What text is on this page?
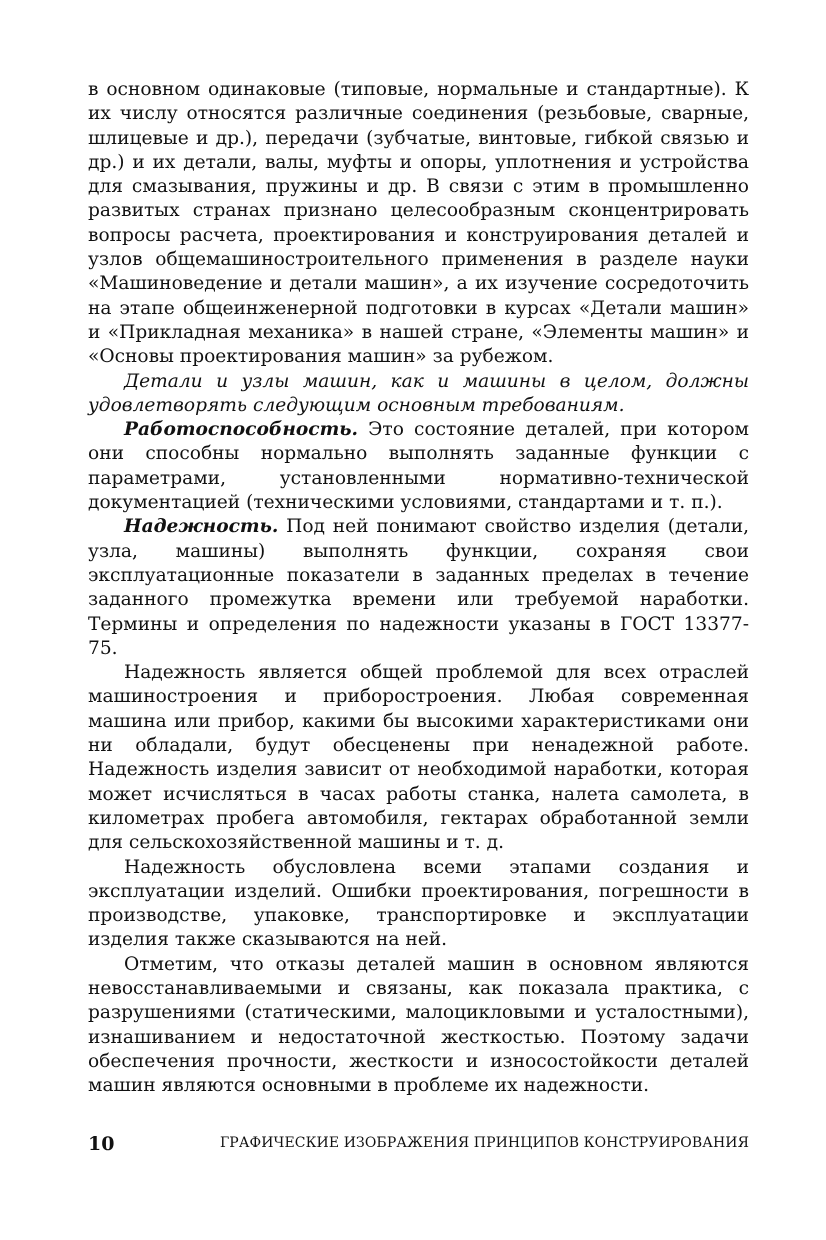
в основном одинаковые (типовые, нормальные и стандартные). К их числу относятся различные соединения (резьбовые, сварные, шлицевые и др.), передачи (зубчатые, винтовые, гибкой связью и др.) и их детали, валы, муфты и опоры, уплотнения и устройства для смазывания, пружины и др. В связи с этим в промышленно развитых странах признано целесообразным сконцентрировать вопросы расчета, проектирования и конструирования деталей и узлов общемашиностроительного применения в разделе науки «Машиноведение и детали машин», а их изучение сосредоточить на этапе общеинженерной подготовки в курсах «Детали машин» и «Прикладная механика» в нашей стране, «Элементы машин» и «Основы проектирования машин» за рубежом.

Детали и узлы машин, как и машины в целом, должны удовлетворять следующим основным требованиям.

Работоспособность. Это состояние деталей, при котором они способны нормально выполнять заданные функции с параметрами, установленными нормативно-технической документацией (техническими условиями, стандартами и т. п.).

Надежность. Под ней понимают свойство изделия (детали, узла, машины) выполнять функции, сохраняя свои эксплуатационные показатели в заданных пределах в течение заданного промежутка времени или требуемой наработки. Термины и определения по надежности указаны в ГОСТ 13377-75.

Надежность является общей проблемой для всех отраслей машиностроения и приборостроения. Любая современная машина или прибор, какими бы высокими характеристиками они ни обладали, будут обесценены при ненадежной работе. Надежность изделия зависит от необходимой наработки, которая может исчисляться в часах работы станка, налета самолета, в километрах пробега автомобиля, гектарах обработанной земли для сельскохозяйственной машины и т. д.

Надежность обусловлена всеми этапами создания и эксплуатации изделий. Ошибки проектирования, погрешности в производстве, упаковке, транспортировке и эксплуатации изделия также сказываются на ней.

Отметим, что отказы деталей машин в основном являются невосстанавливаемыми и связаны, как показала практика, с разрушениями (статическими, малоцикловыми и усталостными), изнашиванием и недостаточной жесткостью. Поэтому задачи обеспечения прочности, жесткости и износостойкости деталей машин являются основными в проблеме их надежности.

10	ГРАФИЧЕСКИЕ ИЗОБРАЖЕНИЯ ПРИНЦИПОВ КОНСТРУИРОВАНИЯ
